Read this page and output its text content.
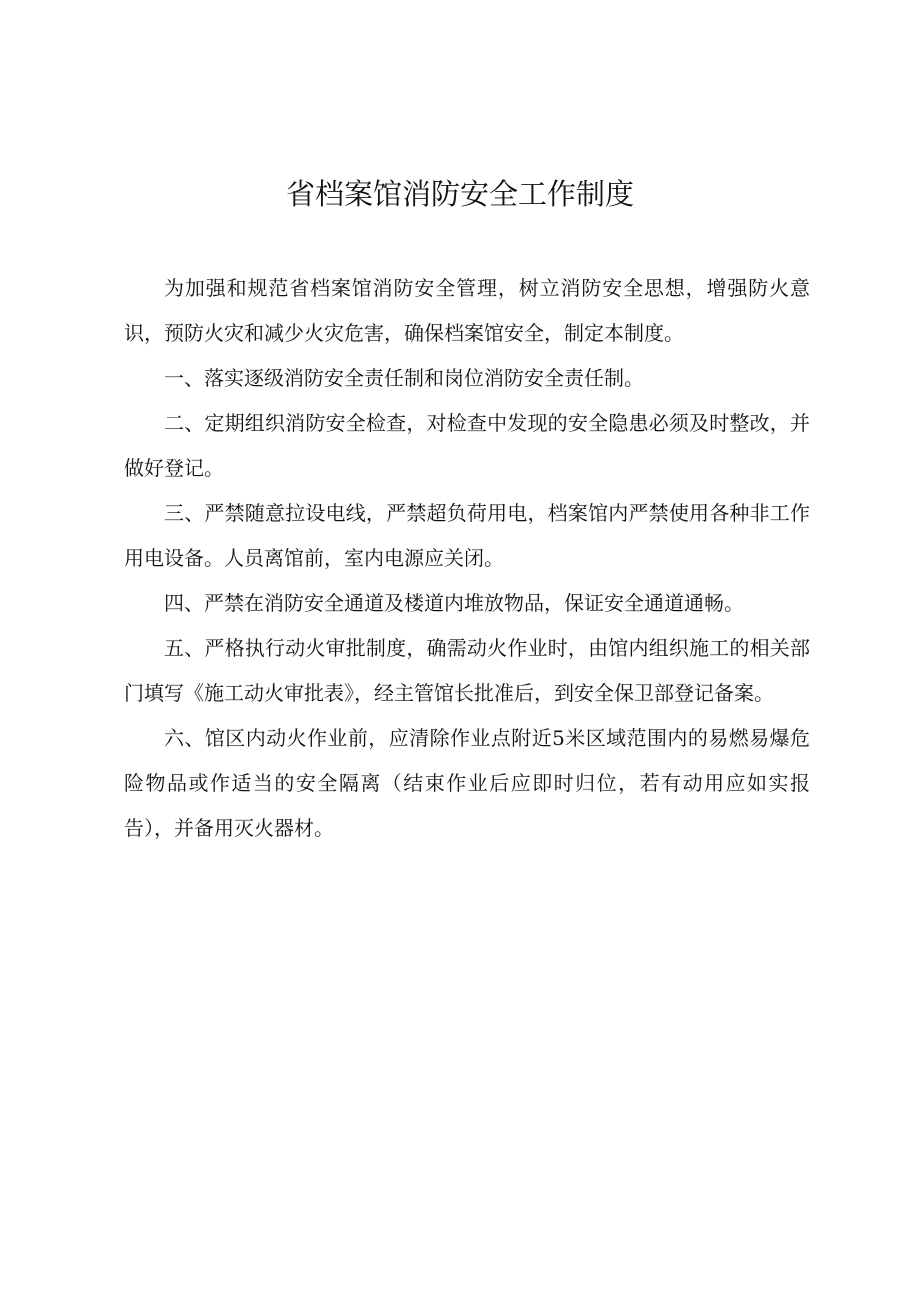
省档案馆消防安全工作制度

为加强和规范省档案馆消防安全管理，树立消防安全思想，增强防火意识，预防火灾和减少火灾危害，确保档案馆安全，制定本制度。

一、落实逐级消防安全责任制和岗位消防安全责任制。

二、定期组织消防安全检查，对检查中发现的安全隐患必须及时整改，并做好登记。

三、严禁随意拉设电线，严禁超负荷用电，档案馆内严禁使用各种非工作用电设备。人员离馆前，室内电源应关闭。

四、严禁在消防安全通道及楼道内堆放物品，保证安全通道通畅。

五、严格执行动火审批制度，确需动火作业时，由馆内组织施工的相关部门填写《施工动火审批表》，经主管馆长批准后，到安全保卫部登记备案。

六、馆区内动火作业前，应清除作业点附近5米区域范围内的易燃易爆危险物品或作适当的安全隔离（结束作业后应即时归位，若有动用应如实报告），并备用灭火器材。
